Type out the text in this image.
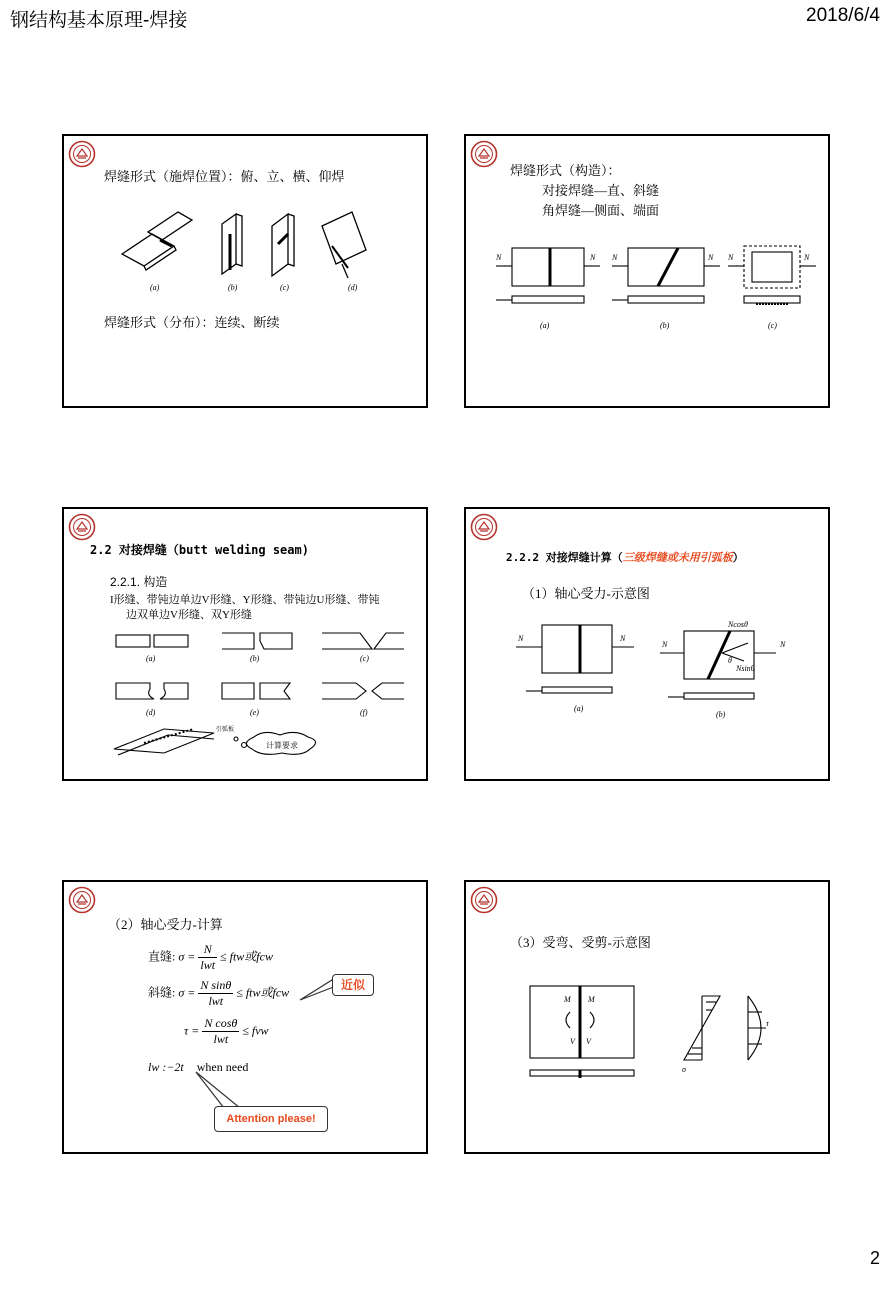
钢结构基本原理-焊接	2018/6/4
焊缝形式（施焊位置）：俯、立、横、仰焊
(a)	(b)	(c)	(d)
焊缝形式（分布）：连续、断续
焊缝形式（构造）：
对接焊缝—直、斜缝
角焊缝—侧面、端面
N	N N	N N	N
(a)	(b)	(c)
2.2 对接焊缝（butt welding seam)
2.2.1. 构造
I形缝、带钝边单边V形缝、Y形缝、带钝边U形缝、带钝
边双单边V形缝、双Y形缝
(a)	(b)	(c)
(d)	(e)	(f)
引弧板
计算要求
2.2.2 对接焊缝计算（三级焊缝或未用引弧板）
（1）轴心受力-示意图
N	N
N	N
Ncosθ
Nsinθ
θ
(a)
(b)
（2）轴心受力-计算
直缝: $\sigma = \frac{N}{\text{lwt}}$ ≤ ftw或fcw
斜缝: $\sigma = \frac{\text{N sinθ}}{\text{lwt}}$ ≤ ftw或fcw
$\tau = \frac{\text{N cosθ}}{\text{lwt}}$ ≤ fvw
lw :−2t when need
近似
Attention please!
（3）受弯、受剪-示意图
M M
V V
σ
τ
2
